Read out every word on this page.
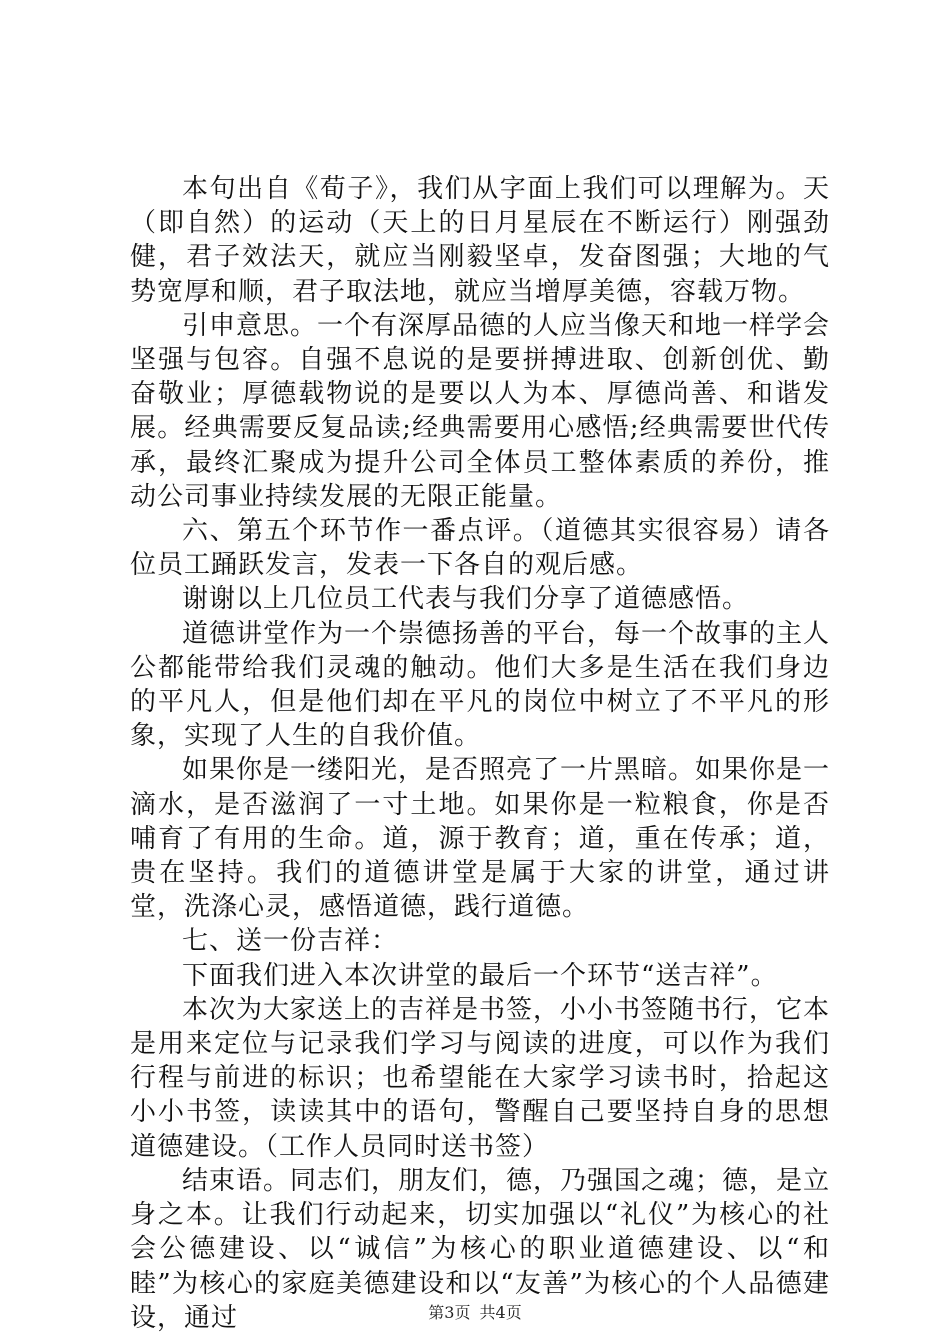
本句出自《荀子》，我们从字面上我们可以理解为。天（即自然）的运动（天上的日月星辰在不断运行）刚强劲健，君子效法天，就应当刚毅坚卓，发奋图强；大地的气势宽厚和顺，君子取法地，就应当增厚美德，容载万物。

引申意思。一个有深厚品德的人应当像天和地一样学会坚强与包容。自强不息说的是要拼搏进取、创新创优、勤奋敬业；厚德载物说的是要以人为本、厚德尚善、和谐发展。经典需要反复品读;经典需要用心感悟;经典需要世代传承，最终汇聚成为提升公司全体员工整体素质的养份，推动公司事业持续发展的无限正能量。

六、第五个环节作一番点评。（道德其实很容易）请各位员工踊跃发言，发表一下各自的观后感。

谢谢以上几位员工代表与我们分享了道德感悟。

道德讲堂作为一个崇德扬善的平台，每一个故事的主人公都能带给我们灵魂的触动。他们大多是生活在我们身边的平凡人，但是他们却在平凡的岗位中树立了不平凡的形象，实现了人生的自我价值。

如果你是一缕阳光，是否照亮了一片黑暗。如果你是一滴水，是否滋润了一寸土地。如果你是一粒粮食，你是否哺育了有用的生命。道，源于教育；道，重在传承；道，贵在坚持。我们的道德讲堂是属于大家的讲堂，通过讲堂，洗涤心灵，感悟道德，践行道德。

七、送一份吉祥：

下面我们进入本次讲堂的最后一个环节“送吉祥”。

本次为大家送上的吉祥是书签，小小书签随书行，它本是用来定位与记录我们学习与阅读的进度，可以作为我们行程与前进的标识；也希望能在大家学习读书时，拾起这小小书签，读读其中的语句，警醒自己要坚持自身的思想道德建设。（工作人员同时送书签）

结束语。同志们，朋友们，德，乃强国之魂；德，是立身之本。让我们行动起来，切实加强以“礼仪”为核心的社会公德建设、以“诚信”为核心的职业道德建设、以“和睦”为核心的家庭美德建设和以“友善”为核心的个人品德建设，通过	第3页 共4页
